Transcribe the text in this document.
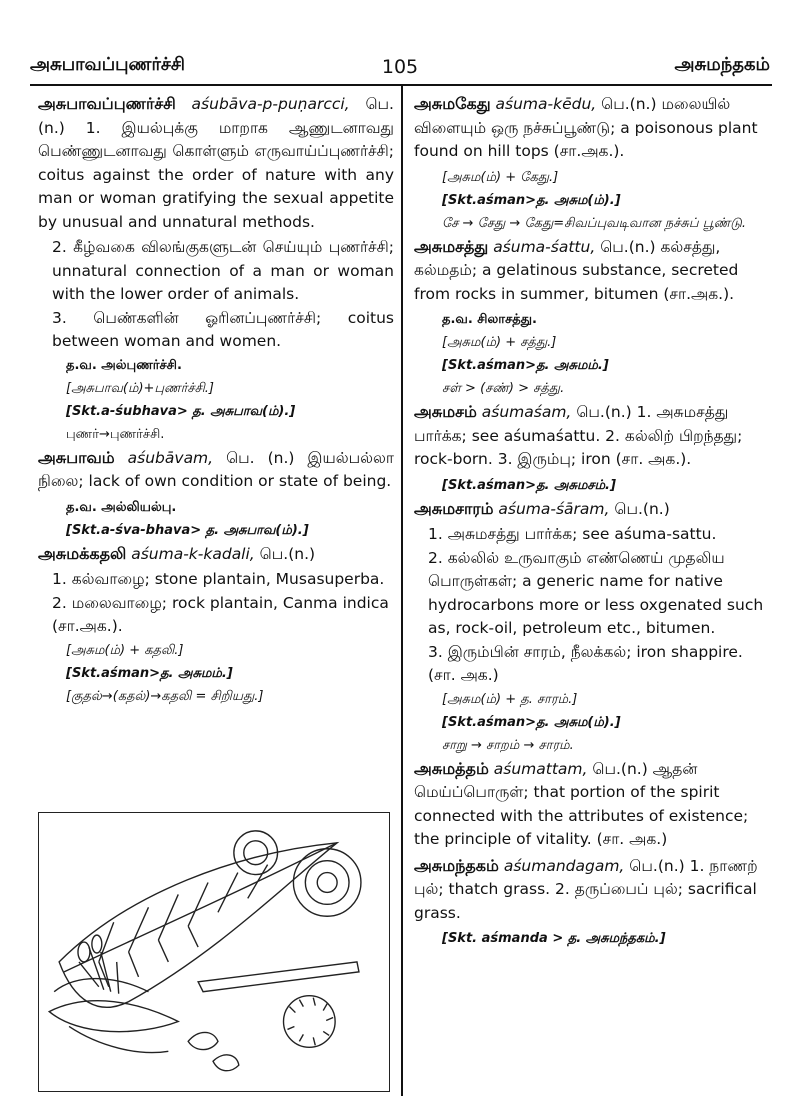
அசுபாவப்புணர்ச்சி	105	அசுமந்தகம்
அசுபாவப்புணர்ச்சி aśubāva-p-puṇarcci, பெ. (n.) 1. இயல்புக்கு மாறாக ஆணுடனாவது பெண்ணுடனாவது கொள்ளும் எருவாய்ப்புணர்ச்சி; coitus against the order of nature with any man or woman gratifying the sexual appetite by unusual and unnatural methods.
2. கீழ்வகை விலங்குகளுடன் செய்யும் புணர்ச்சி; unnatural connection of a man or woman with the lower order of animals.
3. பெண்களின் ஓரினப்புணர்ச்சி; coitus between woman and women.
த.வ. அல்புணர்ச்சி.
[அசுபாவ(ம்)+புணர்ச்சி.]
[Skt.a-śubhava> த. அசுபாவ(ம்).]
புணர்→புணர்ச்சி.
அசுபாவம் aśubāvam, பெ. (n.) இயல்பல்லா நிலை; lack of own condition or state of being.
த.வ. அல்லியல்பு.
[Skt.a-śva-bhava> த. அசுபாவ(ம்).]
அசுமக்கதலி aśuma-k-kadali, பெ.(n.)
1. கல்வாழை; stone plantain, Musasuperba.
2. மலைவாழை; rock plantain, Canma indica (சா.அக.).
[அசும(ம்) + கதலி.]
[Skt.aśman>த. அசுமம்.]
[குதல்→(கதல்)→கதலி = சிறியது.]
அசுமகேது aśuma-kēdu, பெ.(n.) மலையில் விளையும் ஒரு நச்சுப்பூண்டு; a poisonous plant found on hill tops (சா.அக.).
[அசும(ம்) + கேது.]
[Skt.aśman>த. அசும(ம்).]
சே → சேது → கேது=சிவப்புவடிவான நச்சுப் பூண்டு.
அசுமசத்து aśuma-śattu, பெ.(n.) கல்சத்து, கல்மதம்; a gelatinous substance, secreted from rocks in summer, bitumen (சா.அக.).
த.வ. சிலாசத்து.
[அசும(ம்) + சத்து.]
[Skt.aśman>த. அசுமம்.]
சள் > (சண்) > சத்து.
அசுமசம் aśumaśam, பெ.(n.) 1. அசுமசத்து பார்க்க; see aśumaśattu. 2. கல்லிற் பிறந்தது; rock-born. 3. இரும்பு; iron (சா. அக.).
[Skt.aśman>த. அசுமசம்.]
அசுமசாரம் aśuma-śāram, பெ.(n.)
1. அசுமசத்து பார்க்க; see aśuma-sattu.
2. கல்லில் உருவாகும் எண்ணெய் முதலிய பொருள்கள்; a generic name for native hydrocarbons more or less oxgenated such as, rock-oil, petroleum etc., bitumen.
3. இரும்பின் சாரம், நீலக்கல்; iron shappire. (சா. அக.)
[அசும(ம்) + த. சாரம்.]
[Skt.aśman>த. அசும(ம்).]
சாறு → சாறம் → சாரம்.
அசுமத்தம் aśumattam, பெ.(n.) ஆதன் மெய்ப்பொருள்; that portion of the spirit connected with the attributes of existence; the principle of vitality. (சா. அக.)
அசுமந்தகம் aśumandagam, பெ.(n.) 1. நாணற் புல்; thatch grass. 2. தருப்பைப் புல்; sacrifical grass.
[Skt. aśmanda > த. அசுமந்தகம்.]
